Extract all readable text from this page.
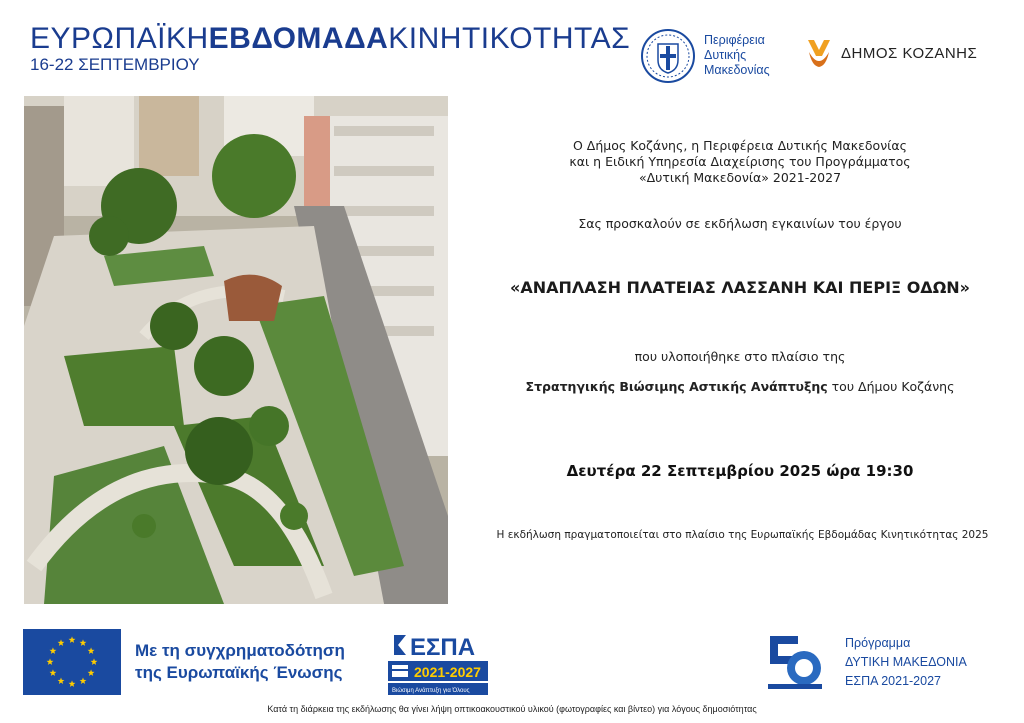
ΕΥΡΩΠΑΪΚΗΕΒΔΟΜΑΔΑΚΙΝΗΤΙΚΟΤΗΤΑΣ
16-22 ΣΕΠΤΕΜΒΡΙΟΥ
Περιφέρεια
Δυτικής
Μακεδονίας
ΔΗΜΟΣ ΚΟΖΑΝΗΣ
Ο Δήμος Κοζάνης, η Περιφέρεια Δυτικής Μακεδονίας
και η Ειδική Υπηρεσία Διαχείρισης του Προγράμματος
«Δυτική Μακεδονία» 2021-2027
Σας προσκαλούν σε εκδήλωση εγκαινίων του έργου
«ΑΝΑΠΛΑΣΗ ΠΛΑΤΕΙΑΣ ΛΑΣΣΑΝΗ ΚΑΙ ΠΕΡΙΞ ΟΔΩΝ»
που υλοποιήθηκε στο πλαίσιο της
Στρατηγικής Βιώσιμης Αστικής Ανάπτυξης του Δήμου Κοζάνης
Δευτέρα 22 Σεπτεμβρίου 2025 ώρα 19:30
Η εκδήλωση πραγματοποιείται στο πλαίσιο της Ευρωπαϊκής Εβδομάδας Κινητικότητας 2025
Με τη συγχρηματοδότηση
της Ευρωπαϊκής Ένωσης
ΕΣΠΑ
2021-2027
Βιώσιμη Ανάπτυξη για Όλους
Πρόγραμμα
ΔΥΤΙΚΗ ΜΑΚΕΔΟΝΙΑ
ΕΣΠΑ 2021-2027
Κατά τη διάρκεια της εκδήλωσης θα γίνει λήψη οπτικοακουστικού υλικού (φωτογραφίες και βίντεο) για λόγους δημοσιότητας
